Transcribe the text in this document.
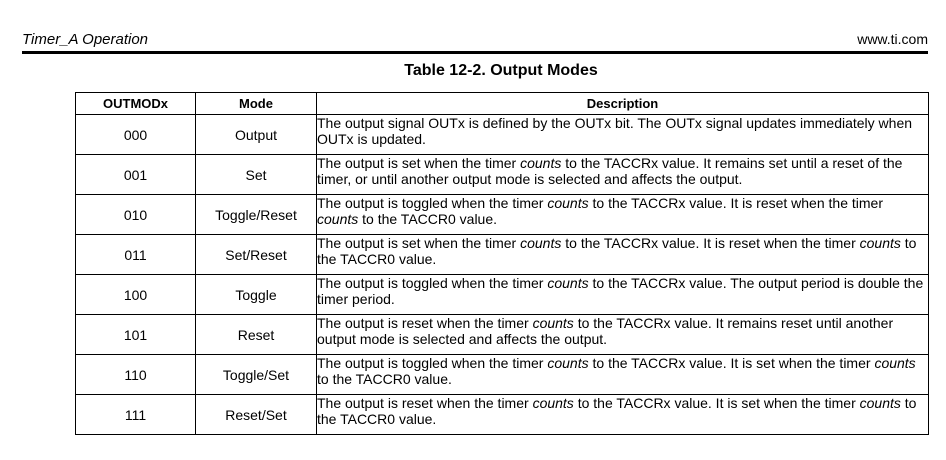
Timer_A Operation	www.ti.com
Table 12-2. Output Modes
OUTMODx	Mode	Description
000	Output	The output signal OUTx is defined by the OUTx bit. The OUTx signal updates immediately when OUTx is updated.
001	Set	The output is set when the timer counts to the TACCRx value. It remains set until a reset of the timer, or until another output mode is selected and affects the output.
010	Toggle/Reset	The output is toggled when the timer counts to the TACCRx value. It is reset when the timer counts to the TACCR0 value.
011	Set/Reset	The output is set when the timer counts to the TACCRx value. It is reset when the timer counts to the TACCR0 value.
100	Toggle	The output is toggled when the timer counts to the TACCRx value. The output period is double the timer period.
101	Reset	The output is reset when the timer counts to the TACCRx value. It remains reset until another output mode is selected and affects the output.
110	Toggle/Set	The output is toggled when the timer counts to the TACCRx value. It is set when the timer counts to the TACCR0 value.
111	Reset/Set	The output is reset when the timer counts to the TACCRx value. It is set when the timer counts to the TACCR0 value.
